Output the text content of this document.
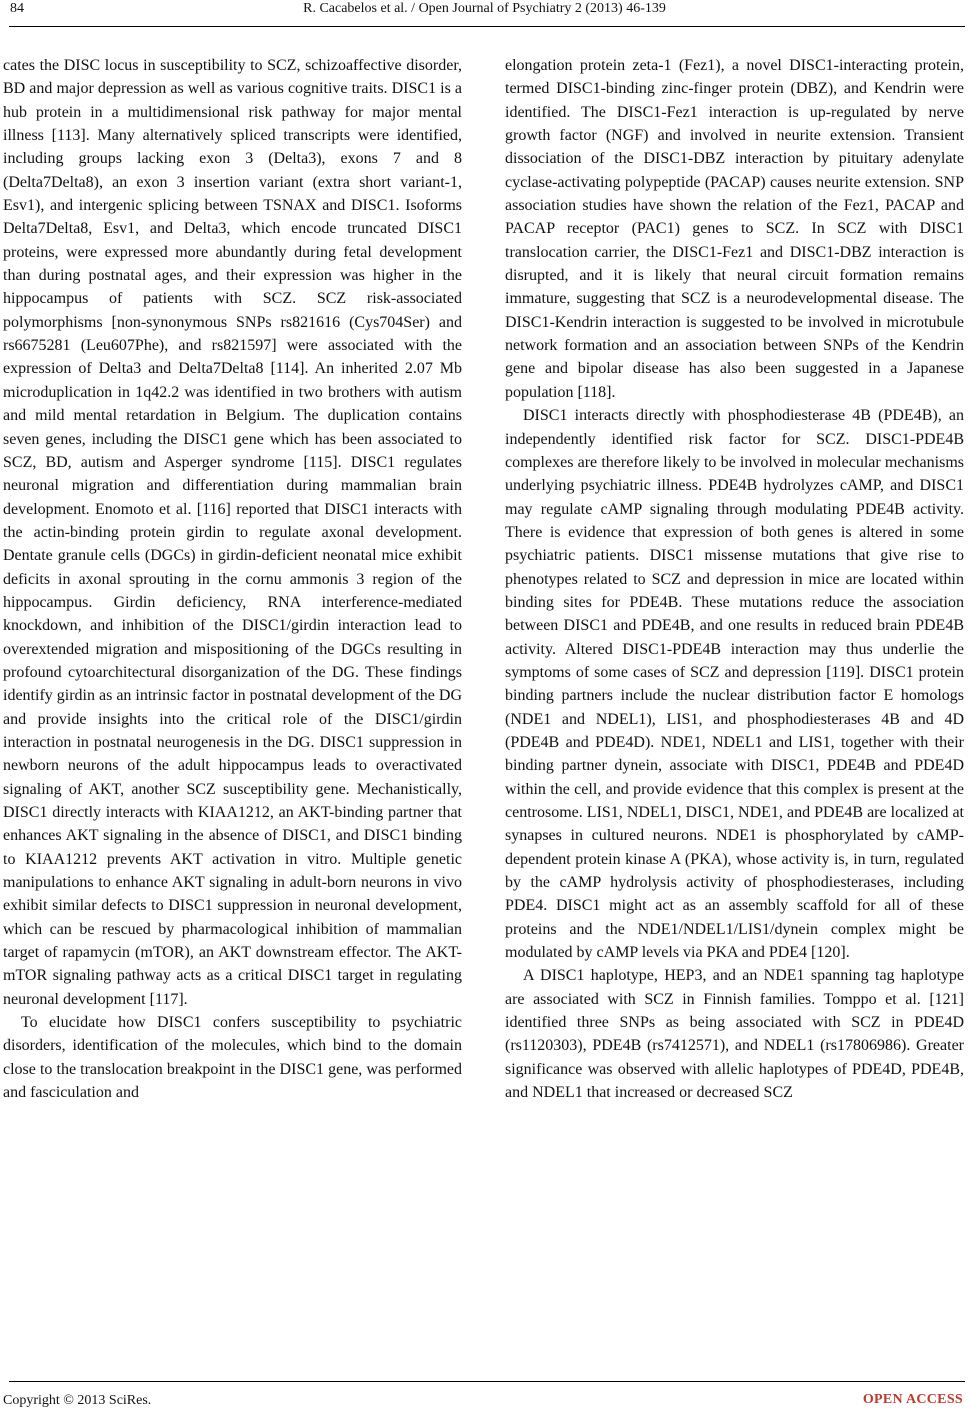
84	R. Cacabelos et al. / Open Journal of Psychiatry 2 (2013) 46-139

cates the DISC locus in susceptibility to SCZ, schizoaffective disorder, BD and major depression as well as various cognitive traits. DISC1 is a hub protein in a multidimensional risk pathway for major mental illness [113]. Many alternatively spliced transcripts were identified, including groups lacking exon 3 (Delta3), exons 7 and 8 (Delta7Delta8), an exon 3 insertion variant (extra short variant-1, Esv1), and intergenic splicing between TSNAX and DISC1. Isoforms Delta7Delta8, Esv1, and Delta3, which encode truncated DISC1 proteins, were expressed more abundantly during fetal development than during postnatal ages, and their expression was higher in the hippocampus of patients with SCZ. SCZ risk-associated polymorphisms [non-synonymous SNPs rs821616 (Cys704Ser) and rs6675281 (Leu607Phe), and rs821597] were associated with the expression of Delta3 and Delta7Delta8 [114]. An inherited 2.07 Mb microduplication in 1q42.2 was identified in two brothers with autism and mild mental retardation in Belgium. The duplication contains seven genes, including the DISC1 gene which has been associated to SCZ, BD, autism and Asperger syndrome [115]. DISC1 regulates neuronal migration and differentiation during mammalian brain development. Enomoto et al. [116] reported that DISC1 interacts with the actin-binding protein girdin to regulate axonal development. Dentate granule cells (DGCs) in girdin-deficient neonatal mice exhibit deficits in axonal sprouting in the cornu ammonis 3 region of the hippocampus. Girdin deficiency, RNA interference-mediated knockdown, and inhibition of the DISC1/girdin interaction lead to overextended migration and mispositioning of the DGCs resulting in profound cytoarchitectural disorganization of the DG. These findings identify girdin as an intrinsic factor in postnatal development of the DG and provide insights into the critical role of the DISC1/girdin interaction in postnatal neurogenesis in the DG. DISC1 suppression in newborn neurons of the adult hippocampus leads to overactivated signaling of AKT, another SCZ susceptibility gene. Mechanistically, DISC1 directly interacts with KIAA1212, an AKT-binding partner that enhances AKT signaling in the absence of DISC1, and DISC1 binding to KIAA1212 prevents AKT activation in vitro. Multiple genetic manipulations to enhance AKT signaling in adult-born neurons in vivo exhibit similar defects to DISC1 suppression in neuronal development, which can be rescued by pharmacological inhibition of mammalian target of rapamycin (mTOR), an AKT downstream effector. The AKT-mTOR signaling pathway acts as a critical DISC1 target in regulating neuronal development [117].

To elucidate how DISC1 confers susceptibility to psychiatric disorders, identification of the molecules, which bind to the domain close to the translocation breakpoint in the DISC1 gene, was performed and fasciculation and

elongation protein zeta-1 (Fez1), a novel DISC1-interacting protein, termed DISC1-binding zinc-finger protein (DBZ), and Kendrin were identified. The DISC1-Fez1 interaction is up-regulated by nerve growth factor (NGF) and involved in neurite extension. Transient dissociation of the DISC1-DBZ interaction by pituitary adenylate cyclase-activating polypeptide (PACAP) causes neurite extension. SNP association studies have shown the relation of the Fez1, PACAP and PACAP receptor (PAC1) genes to SCZ. In SCZ with DISC1 translocation carrier, the DISC1-Fez1 and DISC1-DBZ interaction is disrupted, and it is likely that neural circuit formation remains immature, suggesting that SCZ is a neurodevelopmental disease. The DISC1-Kendrin interaction is suggested to be involved in microtubule network formation and an association between SNPs of the Kendrin gene and bipolar disease has also been suggested in a Japanese population [118].

DISC1 interacts directly with phosphodiesterase 4B (PDE4B), an independently identified risk factor for SCZ. DISC1-PDE4B complexes are therefore likely to be involved in molecular mechanisms underlying psychiatric illness. PDE4B hydrolyzes cAMP, and DISC1 may regulate cAMP signaling through modulating PDE4B activity. There is evidence that expression of both genes is altered in some psychiatric patients. DISC1 missense mutations that give rise to phenotypes related to SCZ and depression in mice are located within binding sites for PDE4B. These mutations reduce the association between DISC1 and PDE4B, and one results in reduced brain PDE4B activity. Altered DISC1-PDE4B interaction may thus underlie the symptoms of some cases of SCZ and depression [119]. DISC1 protein binding partners include the nuclear distribution factor E homologs (NDE1 and NDEL1), LIS1, and phosphodiesterases 4B and 4D (PDE4B and PDE4D). NDE1, NDEL1 and LIS1, together with their binding partner dynein, associate with DISC1, PDE4B and PDE4D within the cell, and provide evidence that this complex is present at the centrosome. LIS1, NDEL1, DISC1, NDE1, and PDE4B are localized at synapses in cultured neurons. NDE1 is phosphorylated by cAMP-dependent protein kinase A (PKA), whose activity is, in turn, regulated by the cAMP hydrolysis activity of phosphodiesterases, including PDE4. DISC1 might act as an assembly scaffold for all of these proteins and the NDE1/NDEL1/LIS1/dynein complex might be modulated by cAMP levels via PKA and PDE4 [120].

A DISC1 haplotype, HEP3, and an NDE1 spanning tag haplotype are associated with SCZ in Finnish families. Tomppo et al. [121] identified three SNPs as being associated with SCZ in PDE4D (rs1120303), PDE4B (rs7412571), and NDEL1 (rs17806986). Greater significance was observed with allelic haplotypes of PDE4D, PDE4B, and NDEL1 that increased or decreased SCZ

Copyright © 2013 SciRes.	OPEN ACCESS
